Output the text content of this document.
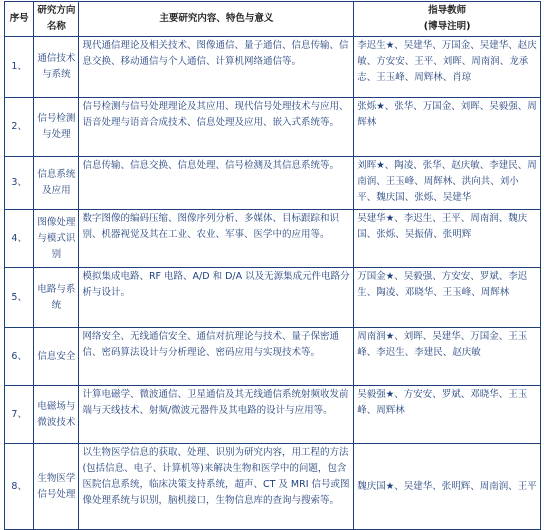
序号	研究方向名称	主要研究内容、特色与意义	指导教师
(博导注明)

1、	通信技术与系统	现代通信理论及相关技术、图像通信、量子通信、信息传输、信息交换、移动通信与个人通信、计算机网络通信等。	李迟生★、吴建华、万国金、吴建华、赵庆敏、方安安、王平、刘晖、周南润、龙承志、王玉峰、周辉林、肖琼
2、	信号检测与处理	信号检测与信号处理理论及其应用、现代信号处理技术与应用、语音处理与语音合成技术、信息处理及应用、嵌入式系统等。	张烁★、张华、万国金、刘晖、吴毅强、周辉林
3、	信息系统及应用	信息传输、信息交换、信息处理、信号检测及其信息系统等。	刘晖★、陶凌、张华、赵庆敏、李建民、周南润、王玉峰、周辉林、洪向共、刘小平、魏庆国、张烁、吴建华
4、	图像处理与模式识别	数字图像的编码压缩、图像序列分析、多媒体、目标跟踪和识别、机器视觉及其在工业、农业、军事、医学中的应用等。	吴建华★、李迟生、王平、周南润、魏庆国、张烁、吴振倩、张明辉
5、	电路与系统	模拟集成电路、RF 电路、A/D 和 D/A 以及无源集成元件电路分析与设计。	万国金★、吴毅强、方安安、罗斌、李迟生、陶凌、邓晓华、王玉峰、周辉林
6、	信息安全	网络安全、无线通信安全、通信对抗理论与技术、量子保密通信、密码算法设计与分析理论、密码应用与实现技术等。	周南润★、刘晖、吴建华、万国金、王玉峰、李迟生、李建民、赵庆敏
7、	电磁场与微波技术	计算电磁学、微波通信、卫星通信及其无线通信系统射频收发前端与天线技术、射频/微波元器件及其电路的设计与应用等。	吴毅强★、方安安、罗斌、邓晓华、王玉峰、周辉林
8、	生物医学信号处理	以生物医学信息的获取、处理、识别为研究内容，用工程的方法(包括信息、电子、计算机等)来解决生物和医学中的问题，包含医院信息系统，临床决策支持系统，超声、CT 及 MRI 信号或图像处理系统与识别，脑机接口，生物信息库的查询与搜索等。	魏庆国★、吴建华、张明辉、周南润、王平
